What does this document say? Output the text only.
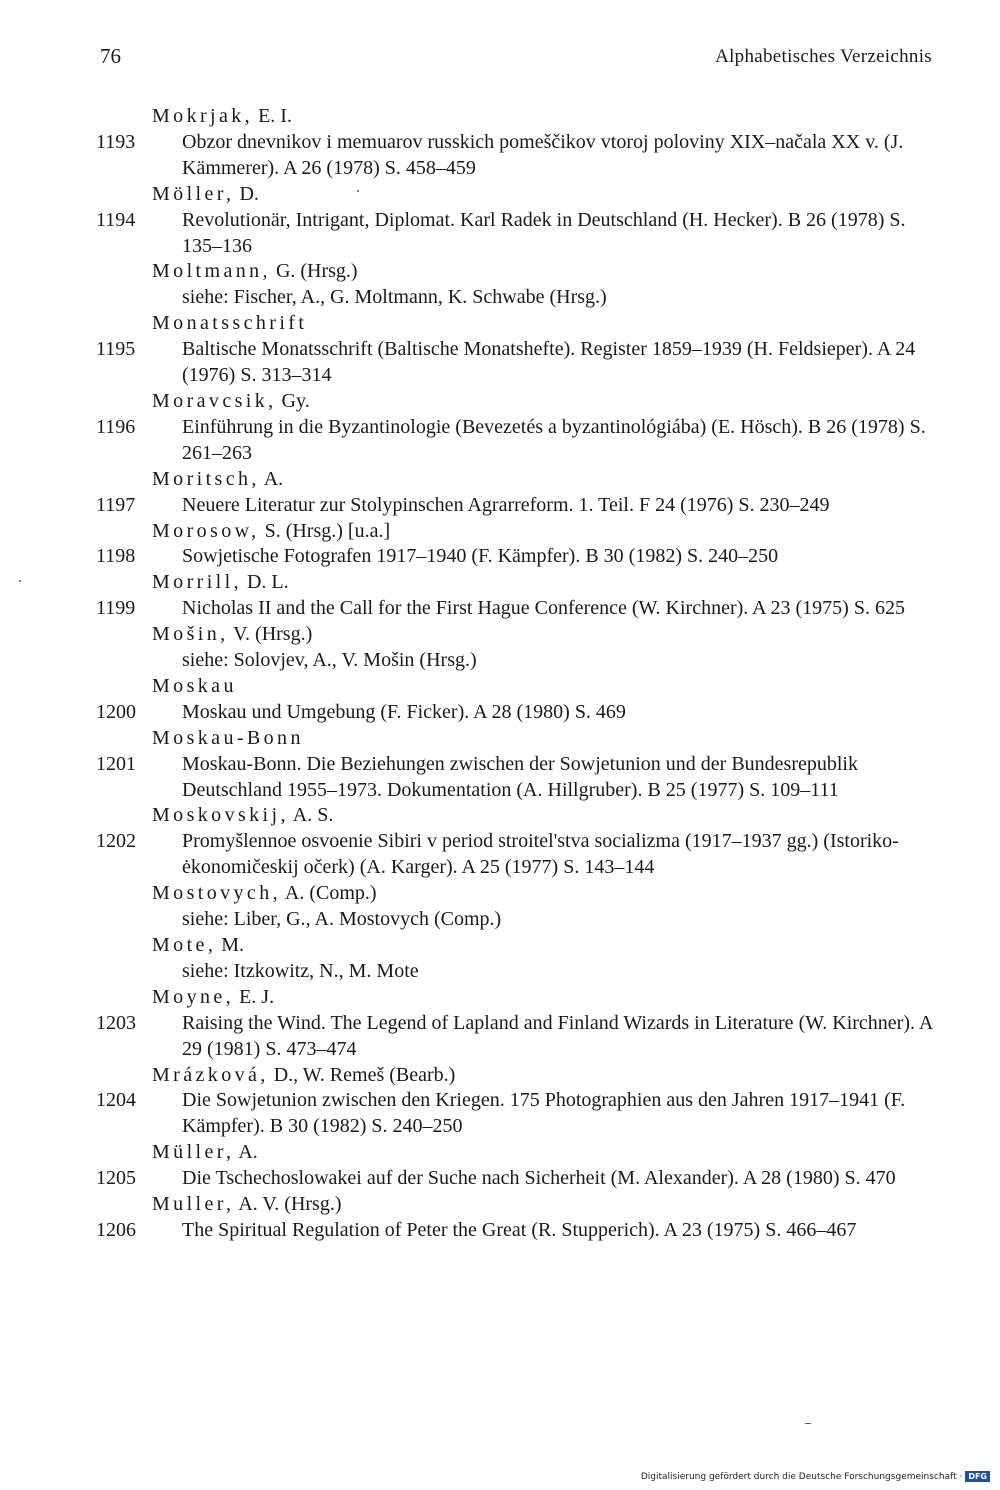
76	Alphabetisches Verzeichnis
Mokrjak, E. I.
1193	Obzor dnevnikov i memuarov russkich pomeščikov vtoroj poloviny XIX–načala XX v. (J. Kämmerer). A 26 (1978) S. 458–459
Möller, D.
1194	Revolutionär, Intrigant, Diplomat. Karl Radek in Deutschland (H. Hecker). B 26 (1978) S. 135–136
Moltmann, G. (Hrsg.)
siehe: Fischer, A., G. Moltmann, K. Schwabe (Hrsg.)
Monatsschrift
1195	Baltische Monatsschrift (Baltische Monatshefte). Register 1859–1939 (H. Feldsieper). A 24 (1976) S. 313–314
Moravcsik, Gy.
1196	Einführung in die Byzantinologie (Bevezetés a byzantinológiába) (E. Hösch). B 26 (1978) S. 261–263
Moritsch, A.
1197	Neuere Literatur zur Stolypinschen Agrarreform. 1. Teil. F 24 (1976) S. 230–249
Morosow, S. (Hrsg.) [u.a.]
1198	Sowjetische Fotografen 1917–1940 (F. Kämpfer). B 30 (1982) S. 240–250
Morrill, D. L.
1199	Nicholas II and the Call for the First Hague Conference (W. Kirchner). A 23 (1975) S. 625
Mošin, V. (Hrsg.)
siehe: Solovjev, A., V. Mošin (Hrsg.)
Moskau
1200	Moskau und Umgebung (F. Ficker). A 28 (1980) S. 469
Moskau-Bonn
1201	Moskau-Bonn. Die Beziehungen zwischen der Sowjetunion und der Bundesrepublik Deutschland 1955–1973. Dokumentation (A. Hillgruber). B 25 (1977) S. 109–111
Moskovskij, A. S.
1202	Promyšlennoe osvoenie Sibiri v period stroitel'stva socializma (1917–1937 gg.) (Istoriko-ėkonomičeskij očerk) (A. Karger). A 25 (1977) S. 143–144
Mostovych, A. (Comp.)
siehe: Liber, G., A. Mostovych (Comp.)
Mote, M.
siehe: Itzkowitz, N., M. Mote
Moyne, E. J.
1203	Raising the Wind. The Legend of Lapland and Finland Wizards in Literature (W. Kirchner). A 29 (1981) S. 473–474
Mrázková, D., W. Remeš (Bearb.)
1204	Die Sowjetunion zwischen den Kriegen. 175 Photographien aus den Jahren 1917–1941 (F. Kämpfer). B 30 (1982) S. 240–250
Müller, A.
1205	Die Tschechoslowakei auf der Suche nach Sicherheit (M. Alexander). A 28 (1980) S. 470
Muller, A. V. (Hrsg.)
1206	The Spiritual Regulation of Peter the Great (R. Stupperich). A 23 (1975) S. 466–467
Digitalisierung gefördert durch die Deutsche Forschungsgemeinschaft · DFG
